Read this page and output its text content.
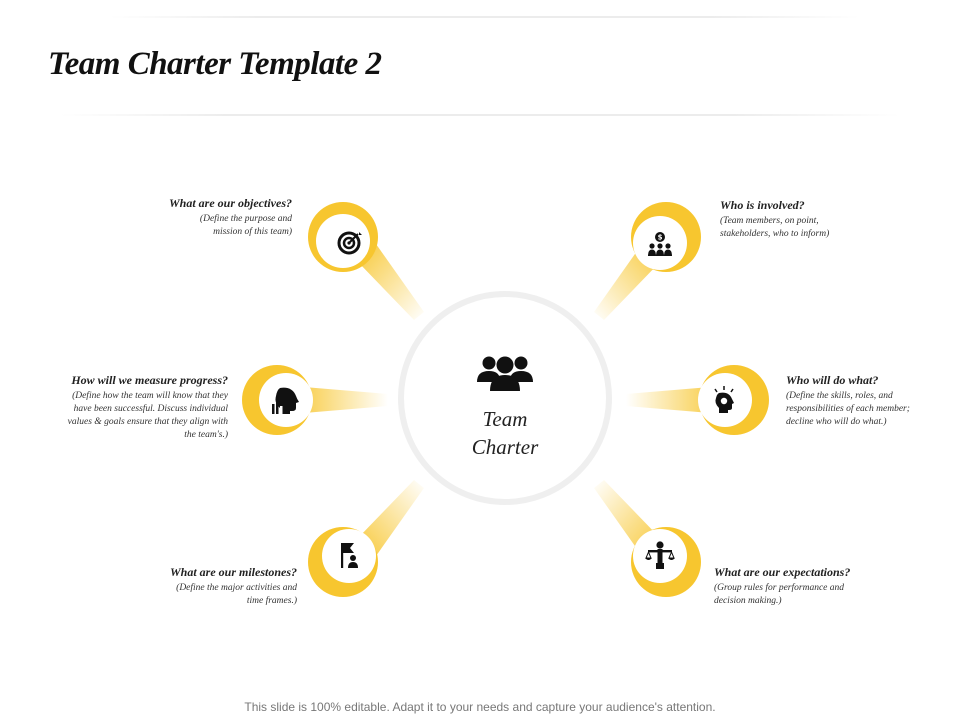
Team Charter Template 2
$
Team
Charter
What are our objectives?
(Define the purpose and mission of this team)
Who is involved?
(Team members, on point, stakeholders, who to inform)
How will we measure progress?
(Define how the team will know that they have been successful. Discuss individual values & goals ensure that they align with the team's.)
Who will do what?
(Define the skills, roles, and responsibilities of each member; decline who will do what.)
What are our milestones?
(Define the major activities and time frames.)
What are our expectations?
(Group rules for performance and decision making.)
This slide is 100% editable. Adapt it to your needs and capture your audience's attention.
